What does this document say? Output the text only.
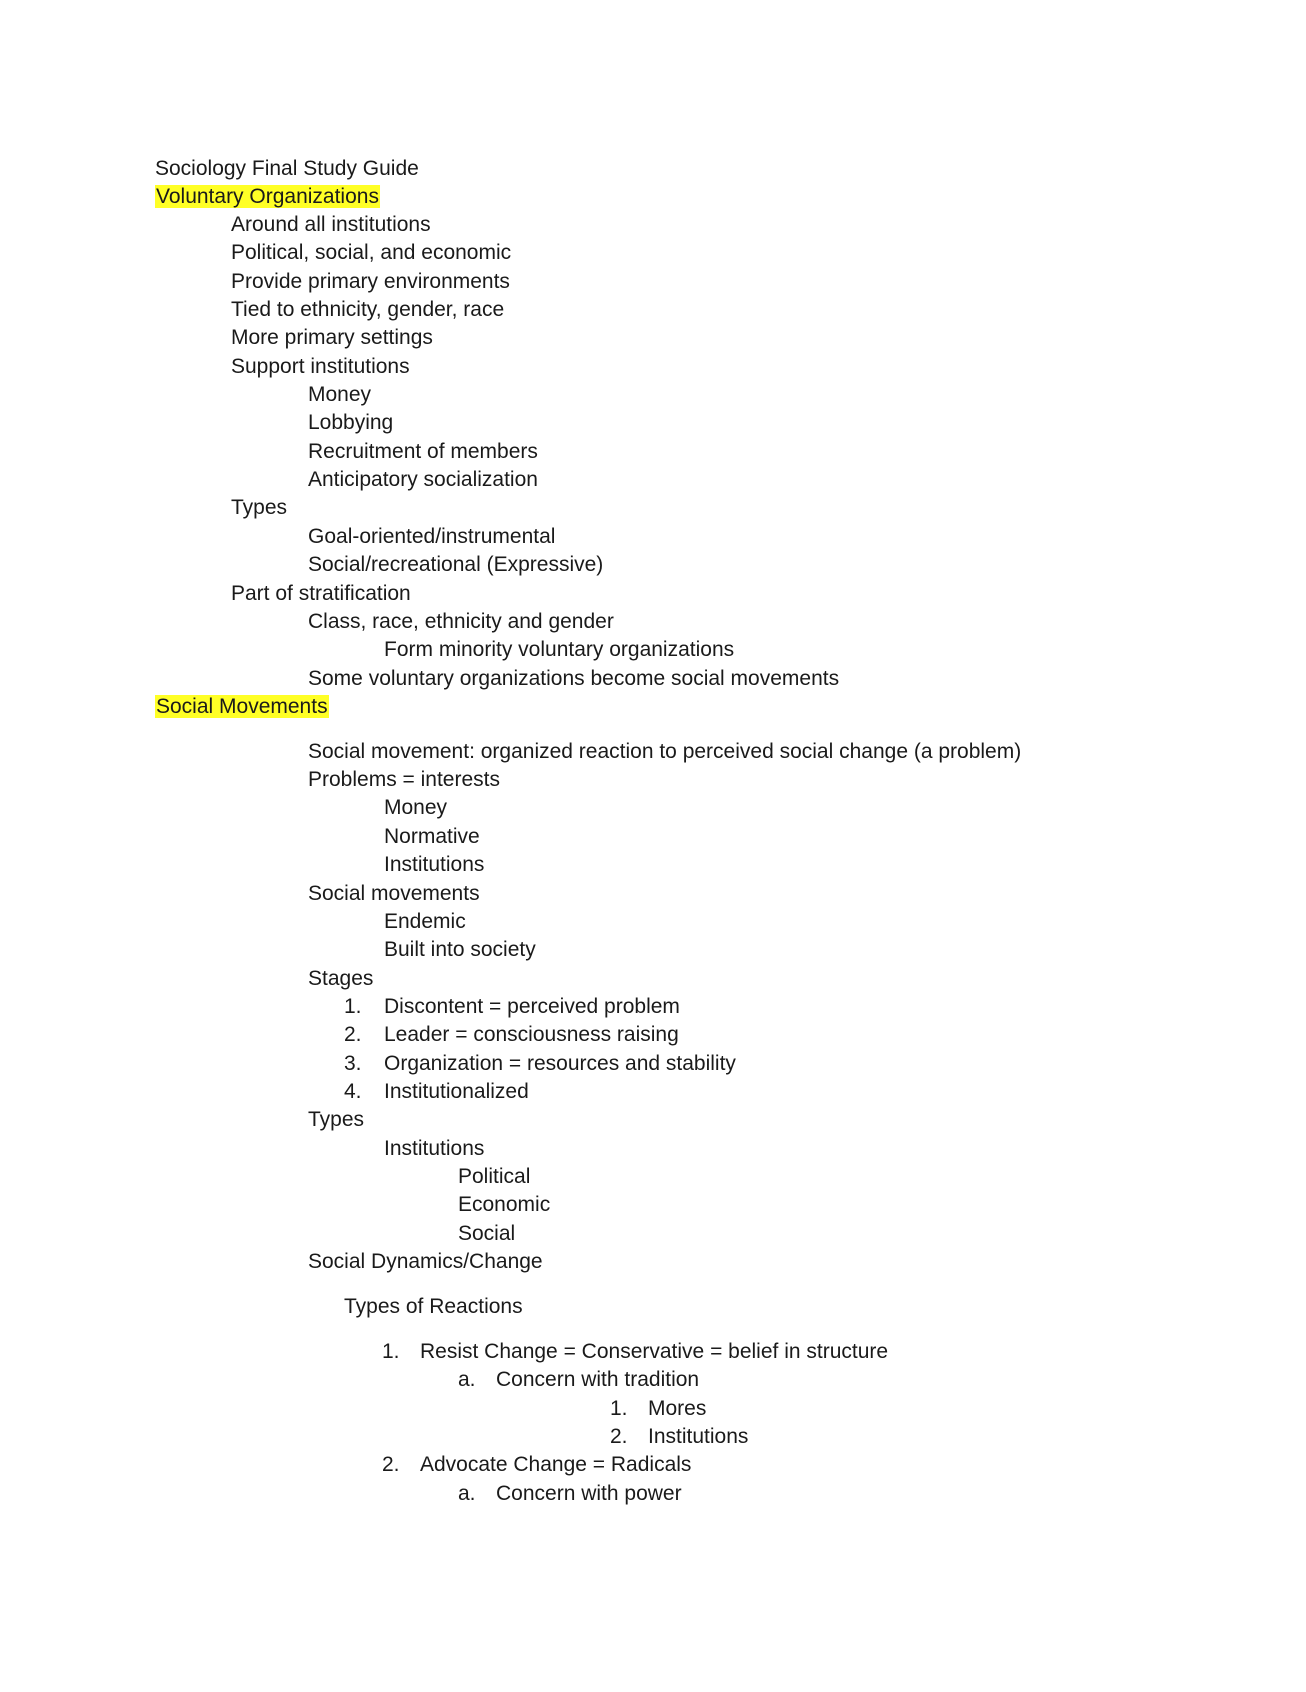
Sociology Final Study Guide
Voluntary Organizations
Around all institutions
Political, social, and economic
Provide primary environments
Tied to ethnicity, gender, race
More primary settings
Support institutions
Money
Lobbying
Recruitment of members
Anticipatory socialization
Types
Goal-oriented/instrumental
Social/recreational (Expressive)
Part of stratification
Class, race, ethnicity and gender
Form minority voluntary organizations
Some voluntary organizations become social movements
Social Movements
Social movement: organized reaction to perceived social change (a problem)
Problems = interests
Money
Normative
Institutions
Social movements
Endemic
Built into society
Stages
1. Discontent = perceived problem
2. Leader = consciousness raising
3. Organization = resources and stability
4. Institutionalized
Types
Institutions
Political
Economic
Social
Social Dynamics/Change
Types of Reactions
1. Resist Change = Conservative = belief in structure
a. Concern with tradition
1. Mores
2. Institutions
2. Advocate Change = Radicals
a. Concern with power
